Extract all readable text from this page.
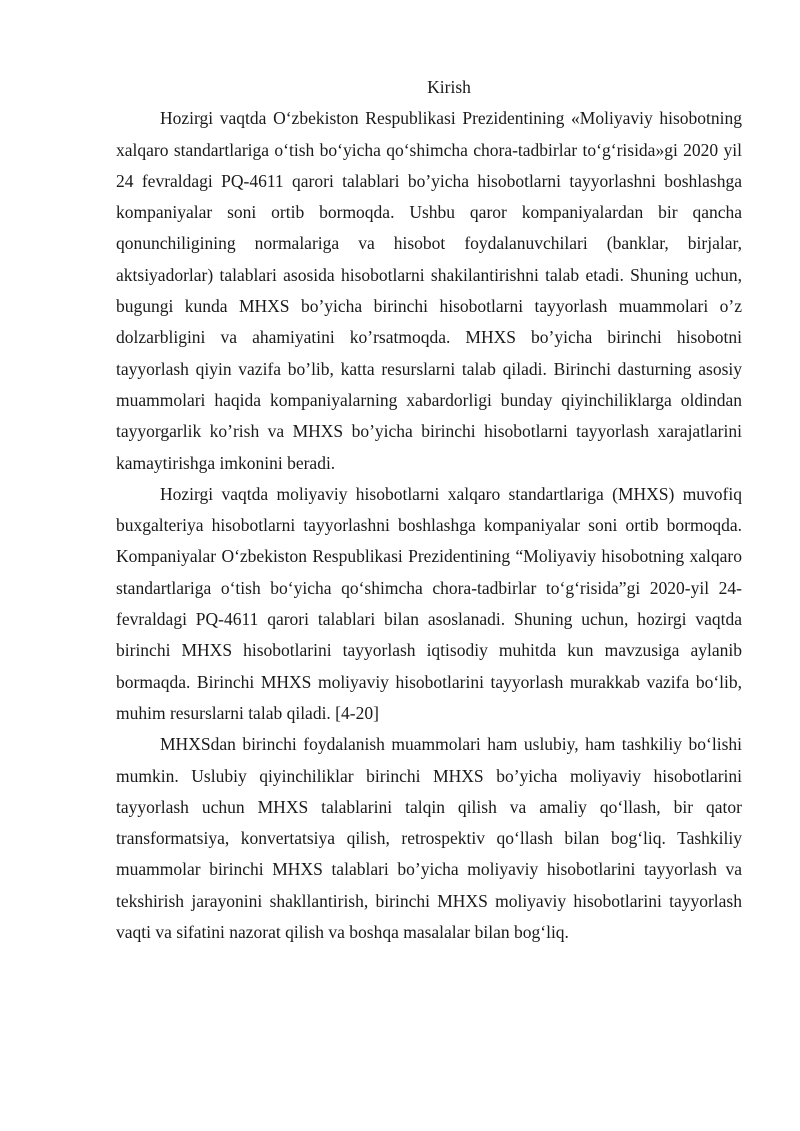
Kirish

Hozirgi vaqtda O‘zbekiston Respublikasi Prezidentining «Moliyaviy hisobotning xalqaro standartlariga o‘tish bo‘yicha qo‘shimcha chora-tadbirlar to‘g‘risida»gi 2020 yil 24 fevraldagi PQ-4611 qarori talablari bo’yicha hisobotlarni tayyorlashni boshlashga kompaniyalar soni ortib bormoqda. Ushbu qaror kompaniyalardan bir qancha qonunchiligining normalariga va hisobot foydalanuvchilari (banklar, birjalar, aktsiyadorlar) talablari asosida hisobotlarni shakilantirishni talab etadi. Shuning uchun, bugungi kunda MHXS bo’yicha birinchi hisobotlarni tayyorlash muammolari o’z dolzarbligini va ahamiyatini ko’rsatmoqda. MHXS bo’yicha birinchi hisobotni tayyorlash qiyin vazifa bo’lib, katta resurslarni talab qiladi. Birinchi dasturning asosiy muammolari haqida kompaniyalarning xabardorligi bunday qiyinchiliklarga oldindan tayyorgarlik ko’rish va MHXS bo’yicha birinchi hisobotlarni tayyorlash xarajatlarini kamaytirishga imkonini beradi.

Hozirgi vaqtda moliyaviy hisobotlarni xalqaro standartlariga (MHXS) muvofiq buxgalteriya hisobotlarni tayyorlashni boshlashga kompaniyalar soni ortib bormoqda. Kompaniyalar O‘zbekiston Respublikasi Prezidentining “Moliyaviy hisobotning xalqaro standartlariga o‘tish bo‘yicha qo‘shimcha chora-tadbirlar to‘g‘risida”gi 2020-yil 24-fevraldagi PQ-4611 qarori talablari bilan asoslanadi. Shuning uchun, hozirgi vaqtda birinchi MHXS hisobotlarini tayyorlash iqtisodiy muhitda kun mavzusiga aylanib bormaqda. Birinchi MHXS moliyaviy hisobotlarini tayyorlash murakkab vazifa bo‘lib, muhim resurslarni talab qiladi. [4-20]

MHXSdan birinchi foydalanish muammolari ham uslubiy, ham tashkiliy bo‘lishi mumkin. Uslubiy qiyinchiliklar birinchi MHXS bo’yicha moliyaviy hisobotlarini tayyorlash uchun MHXS talablarini talqin qilish va amaliy qo‘llash, bir qator transformatsiya, konvertatsiya qilish, retrospektiv qo‘llash bilan bog‘liq. Tashkiliy muammolar birinchi MHXS talablari bo’yicha moliyaviy hisobotlarini tayyorlash va tekshirish jarayonini shakllantirish, birinchi MHXS moliyaviy hisobotlarini tayyorlash vaqti va sifatini nazorat qilish va boshqa masalalar bilan bog‘liq.
